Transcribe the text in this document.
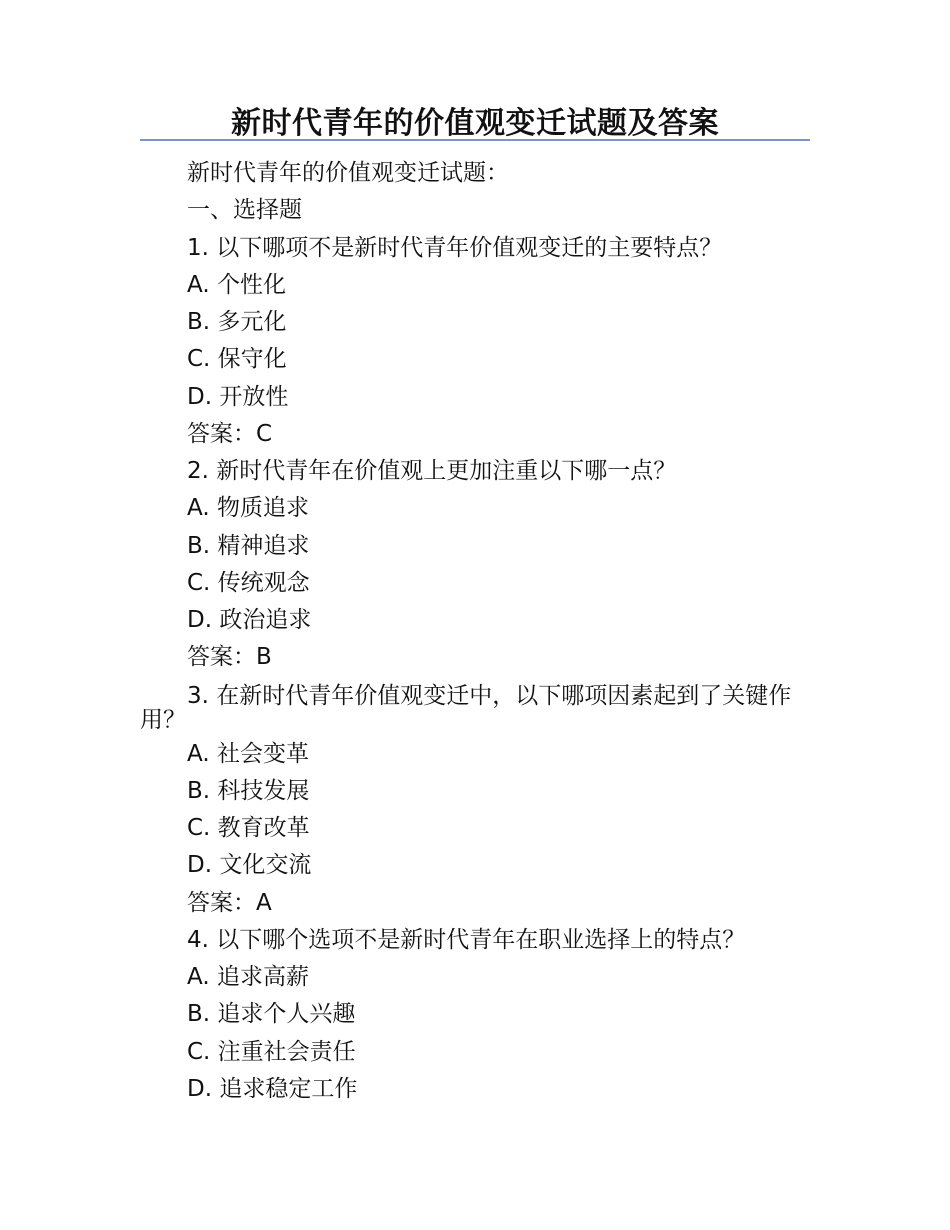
新时代青年的价值观变迁试题及答案
新时代青年的价值观变迁试题：
一、选择题
1. 以下哪项不是新时代青年价值观变迁的主要特点？
A. 个性化
B. 多元化
C. 保守化
D. 开放性
答案：C
2. 新时代青年在价值观上更加注重以下哪一点？
A. 物质追求
B. 精神追求
C. 传统观念
D. 政治追求
答案：B
3. 在新时代青年价值观变迁中，以下哪项因素起到了关键作用？
A. 社会变革
B. 科技发展
C. 教育改革
D. 文化交流
答案：A
4. 以下哪个选项不是新时代青年在职业选择上的特点？
A. 追求高薪
B. 追求个人兴趣
C. 注重社会责任
D. 追求稳定工作
